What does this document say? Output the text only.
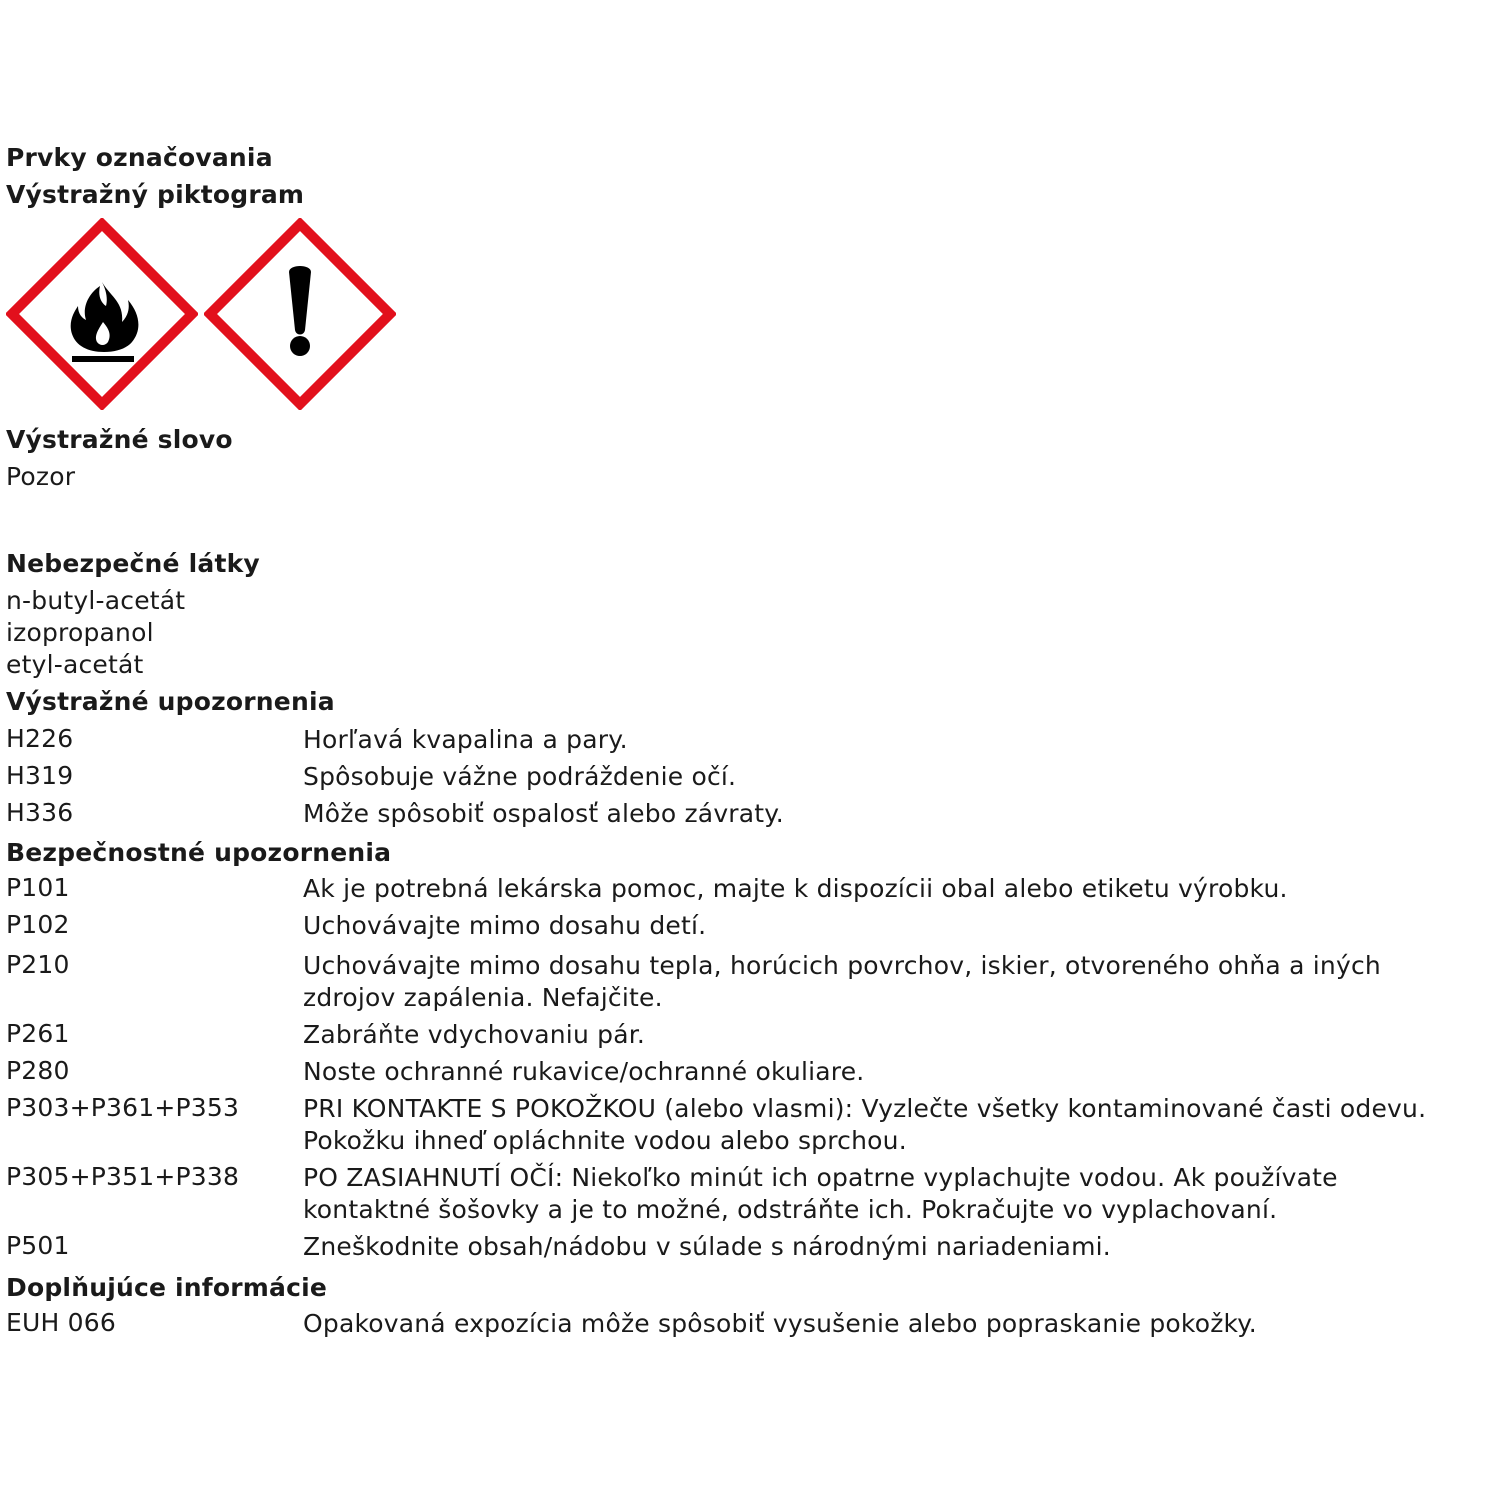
Prvky označovania
Výstražný piktogram
Výstražné slovo
Pozor
Nebezpečné látky
n-butyl-acetát
izopropanol
etyl-acetát
Výstražné upozornenia
H226	Horľavá kvapalina a pary.
H319	Spôsobuje vážne podráždenie očí.
H336	Môže spôsobiť ospalosť alebo závraty.
Bezpečnostné upozornenia
P101	Ak je potrebná lekárska pomoc, majte k dispozícii obal alebo etiketu výrobku.
P102	Uchovávajte mimo dosahu detí.
P210	Uchovávajte mimo dosahu tepla, horúcich povrchov, iskier, otvoreného ohňa a iných zdrojov zapálenia. Nefajčite.
P261	Zabráňte vdychovaniu pár.
P280	Noste ochranné rukavice/ochranné okuliare.
P303+P361+P353	PRI KONTAKTE S POKOŽKOU (alebo vlasmi): Vyzlečte všetky kontaminované časti odevu. Pokožku ihneď opláchnite vodou alebo sprchou.
P305+P351+P338	PO ZASIAHNUTÍ OČÍ: Niekoľko minút ich opatrne vyplachujte vodou. Ak používate kontaktné šošovky a je to možné, odstráňte ich. Pokračujte vo vyplachovaní.
P501	Zneškodnite obsah/nádobu v súlade s národnými nariadeniami.
Doplňujúce informácie
EUH 066	Opakovaná expozícia môže spôsobiť vysušenie alebo popraskanie pokožky.
